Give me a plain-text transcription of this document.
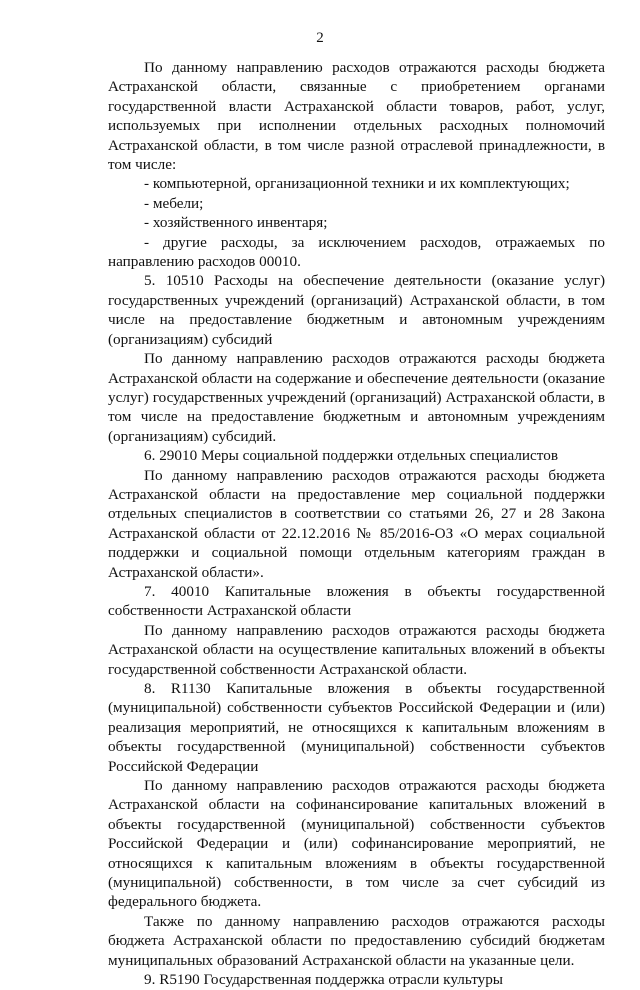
2

По данному направлению расходов отражаются расходы бюджета Астраханской области, связанные с приобретением органами государственной власти Астраханской области товаров, работ, услуг, используемых при исполнении отдельных расходных полномочий Астраханской области, в том числе разной отраслевой принадлежности, в том числе:

- компьютерной, организационной техники и их комплектующих;

- мебели;

- хозяйственного инвентаря;

- другие расходы, за исключением расходов, отражаемых по направлению расходов 00010.

5. 10510 Расходы на обеспечение деятельности (оказание услуг) государственных учреждений (организаций) Астраханской области, в том числе на предоставление бюджетным и автономным учреждениям (организациям) субсидий

По данному направлению расходов отражаются расходы бюджета Астраханской области на содержание и обеспечение деятельности (оказание услуг) государственных учреждений (организаций) Астраханской области, в том числе на предоставление бюджетным и автономным учреждениям (организациям) субсидий.

6. 29010 Меры социальной поддержки отдельных специалистов

По данному направлению расходов отражаются расходы бюджета Астраханской области на предоставление мер социальной поддержки отдельных специалистов в соответствии со статьями 26, 27 и 28 Закона Астраханской области от 22.12.2016 № 85/2016-ОЗ «О мерах социальной поддержки и социальной помощи отдельным категориям граждан в Астраханской области».

7. 40010 Капитальные вложения в объекты государственной собственности Астраханской области

По данному направлению расходов отражаются расходы бюджета Астраханской области на осуществление капитальных вложений в объекты государственной собственности Астраханской области.

8. R1130 Капитальные вложения в объекты государственной (муниципальной) собственности субъектов Российской Федерации и (или) реализация мероприятий, не относящихся к капитальным вложениям в объекты государственной (муниципальной) собственности субъектов Российской Федерации

По данному направлению расходов отражаются расходы бюджета Астраханской области на софинансирование капитальных вложений в объекты государственной (муниципальной) собственности субъектов Российской Федерации и (или) софинансирование мероприятий, не относящихся к капитальным вложениям в объекты государственной (муниципальной) собственности, в том числе за счет субсидий из федерального бюджета.

Также по данному направлению расходов отражаются расходы бюджета Астраханской области по предоставлению субсидий бюджетам муниципальных образований Астраханской области на указанные цели.

9. R5190 Государственная поддержка отрасли культуры
